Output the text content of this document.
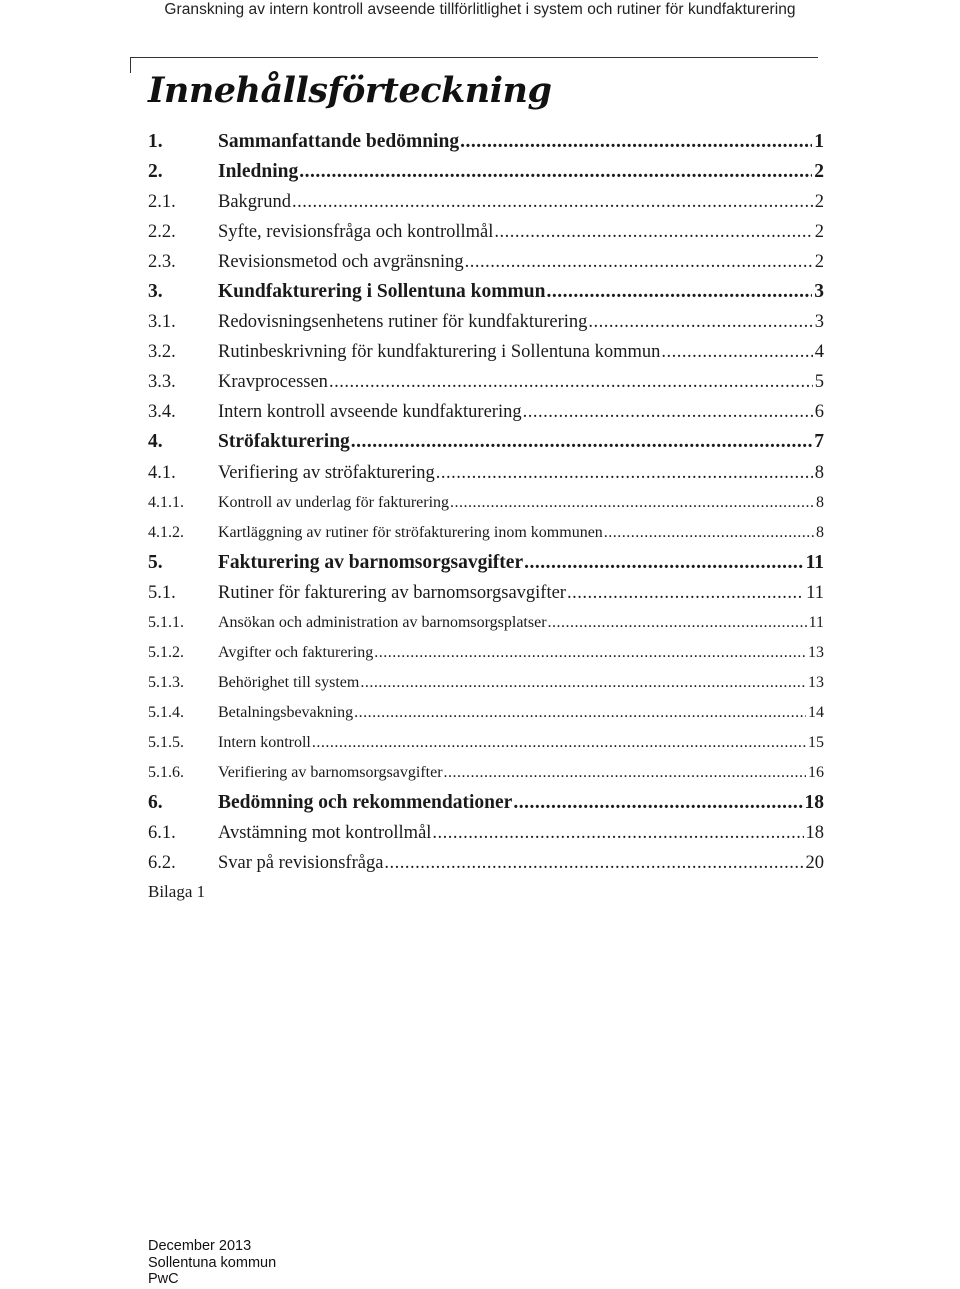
Granskning av intern kontroll avseende tillförlitlighet i system och rutiner för kundfakturering
Innehållsförteckning
1.	Sammanfattande bedömning .....	1
2.	Inledning .....	2
2.1.	Bakgrund .....	2
2.2.	Syfte, revisionsfråga och kontrollmål .....	2
2.3.	Revisionsmetod och avgränsning .....	2
3.	Kundfakturering i Sollentuna kommun .....	3
3.1.	Redovisningsenhetens rutiner för kundfakturering .....	3
3.2.	Rutinbeskrivning för kundfakturering i Sollentuna kommun .....	4
3.3.	Kravprocessen .....	5
3.4.	Intern kontroll avseende kundfakturering .....	6
4.	Ströfakturering .....	7
4.1.	Verifiering av ströfakturering .....	8
4.1.1.	Kontroll av underlag för fakturering .....	8
4.1.2.	Kartläggning av rutiner för ströfakturering inom kommunen .....	8
5.	Fakturering av barnomsorgsavgifter .....	11
5.1.	Rutiner för fakturering av barnomsorgsavgifter .....	11
5.1.1.	Ansökan och administration av barnomsorgsplatser .....	11
5.1.2.	Avgifter och fakturering .....	13
5.1.3.	Behörighet till system .....	13
5.1.4.	Betalningsbevakning .....	14
5.1.5.	Intern kontroll .....	15
5.1.6.	Verifiering av barnomsorgsavgifter .....	16
6.	Bedömning och rekommendationer .....	18
6.1.	Avstämning mot kontrollmål .....	18
6.2.	Svar på revisionsfråga .....	20
Bilaga 1
December 2013
Sollentuna kommun
PwC
